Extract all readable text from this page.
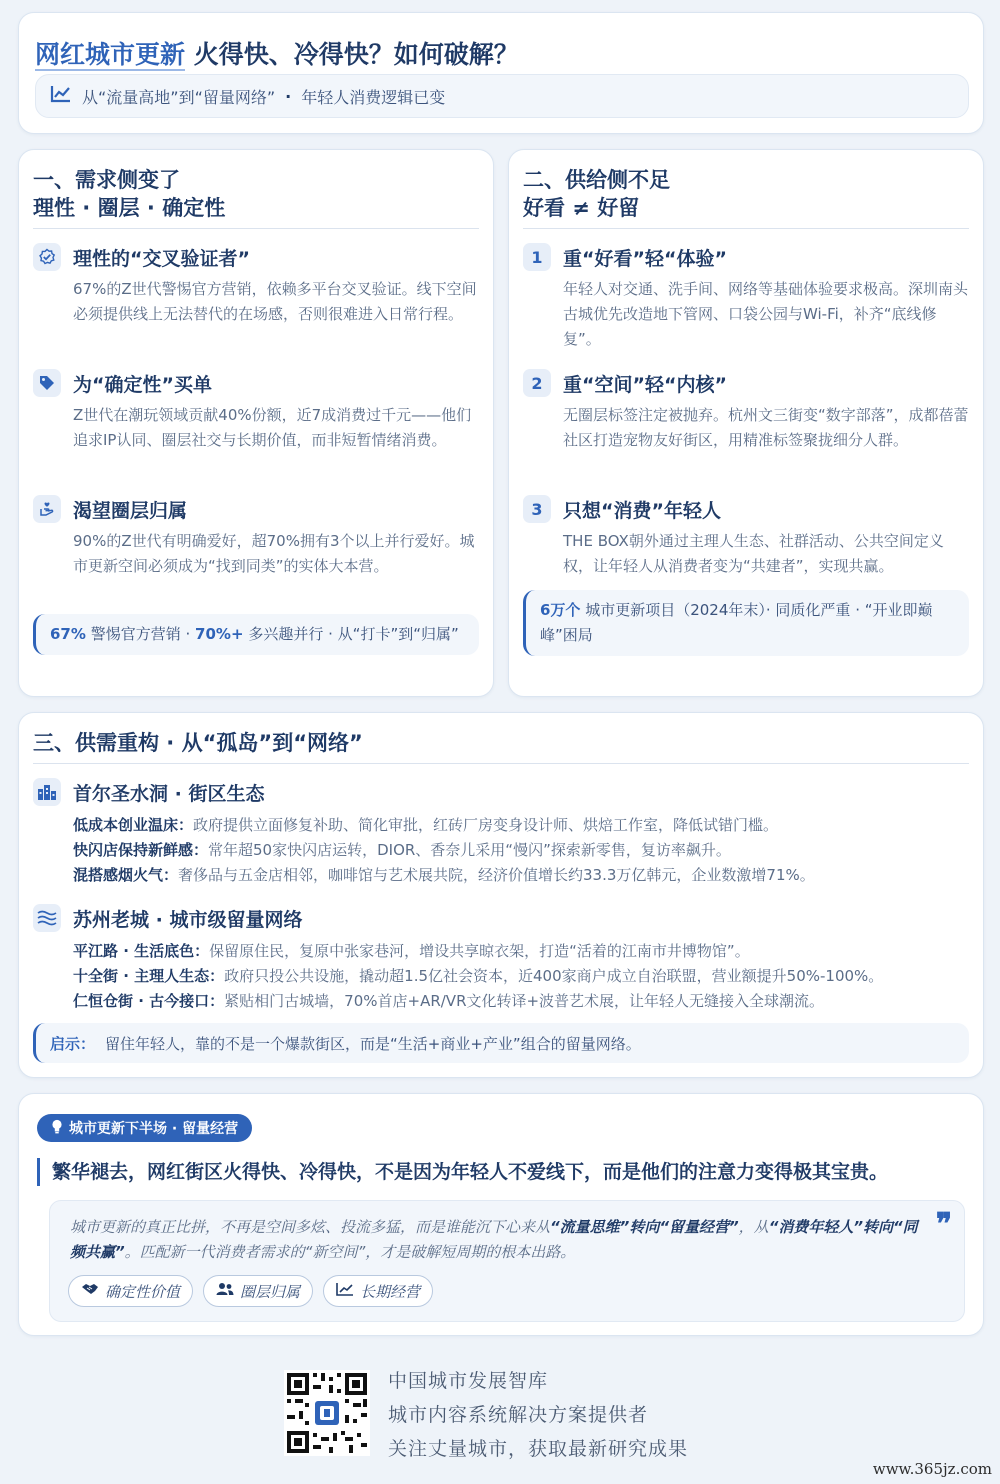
网红城市更新 火得快、冷得快？如何破解？
从“流量高地”到“留量网络” · 年轻人消费逻辑已变
一、需求侧变了
理性 · 圈层 · 确定性
理性的“交叉验证者”
67%的Z世代警惕官方营销，依赖多平台交叉验证。线下空间必须提供线上无法替代的在场感，否则很难进入日常行程。
为“确定性”买单
Z世代在潮玩领域贡献40%份额，近7成消费过千元——他们追求IP认同、圈层社交与长期价值，而非短暂情绪消费。
渴望圈层归属
90%的Z世代有明确爱好，超70%拥有3个以上并行爱好。城市更新空间必须成为“找到同类”的实体大本营。
67% 警惕官方营销 · 70%+ 多兴趣并行 · 从“打卡”到“归属”
二、供给侧不足
好看 ≠ 好留
1	重“好看”轻“体验”
年轻人对交通、洗手间、网络等基础体验要求极高。深圳南头古城优先改造地下管网、口袋公园与Wi-Fi，补齐“底线修复”。
2	重“空间”轻“内核”
无圈层标签注定被抛弃。杭州文三街变“数字部落”，成都蓓蕾社区打造宠物友好街区，用精准标签聚拢细分人群。
3	只想“消费”年轻人
THE BOX朝外通过主理人生态、社群活动、公共空间定义权，让年轻人从消费者变为“共建者”，实现共赢。
6万个 城市更新项目（2024年末）· 同质化严重 · “开业即巅峰”困局
三、供需重构 · 从“孤岛”到“网络”
首尔圣水洞 · 街区生态
低成本创业温床：政府提供立面修复补助、简化审批，红砖厂房变身设计师、烘焙工作室，降低试错门槛。
快闪店保持新鲜感：常年超50家快闪店运转，DIOR、香奈儿采用“慢闪”探索新零售，复访率飙升。
混搭感烟火气：奢侈品与五金店相邻，咖啡馆与艺术展共院，经济价值增长约33.3万亿韩元，企业数激增71%。
苏州老城 · 城市级留量网络
平江路 · 生活底色：保留原住民，复原中张家巷河，增设共享晾衣架，打造“活着的江南市井博物馆”。
十全街 · 主理人生态：政府只投公共设施，撬动超1.5亿社会资本，近400家商户成立自治联盟，营业额提升50%-100%。
仁恒仓街 · 古今接口：紧贴相门古城墙，70%首店+AR/VR文化转译+波普艺术展，让年轻人无缝接入全球潮流。
启示： 留住年轻人，靠的不是一个爆款街区，而是“生活+商业+产业”组合的留量网络。
城市更新下半场 · 留量经营
繁华褪去，网红街区火得快、冷得快，不是因为年轻人不爱线下，而是他们的注意力变得极其宝贵。
城市更新的真正比拼，不再是空间多炫、投流多猛，而是谁能沉下心来从“流量思维”转向“留量经营”，从“消费年轻人”转向“同频共赢”。匹配新一代消费者需求的“新空间”，才是破解短周期的根本出路。
❞
确定性价值	圈层归属	长期经营
中国城市发展智库
城市内容系统解决方案提供者
关注丈量城市，获取最新研究成果
www.365jz.com
